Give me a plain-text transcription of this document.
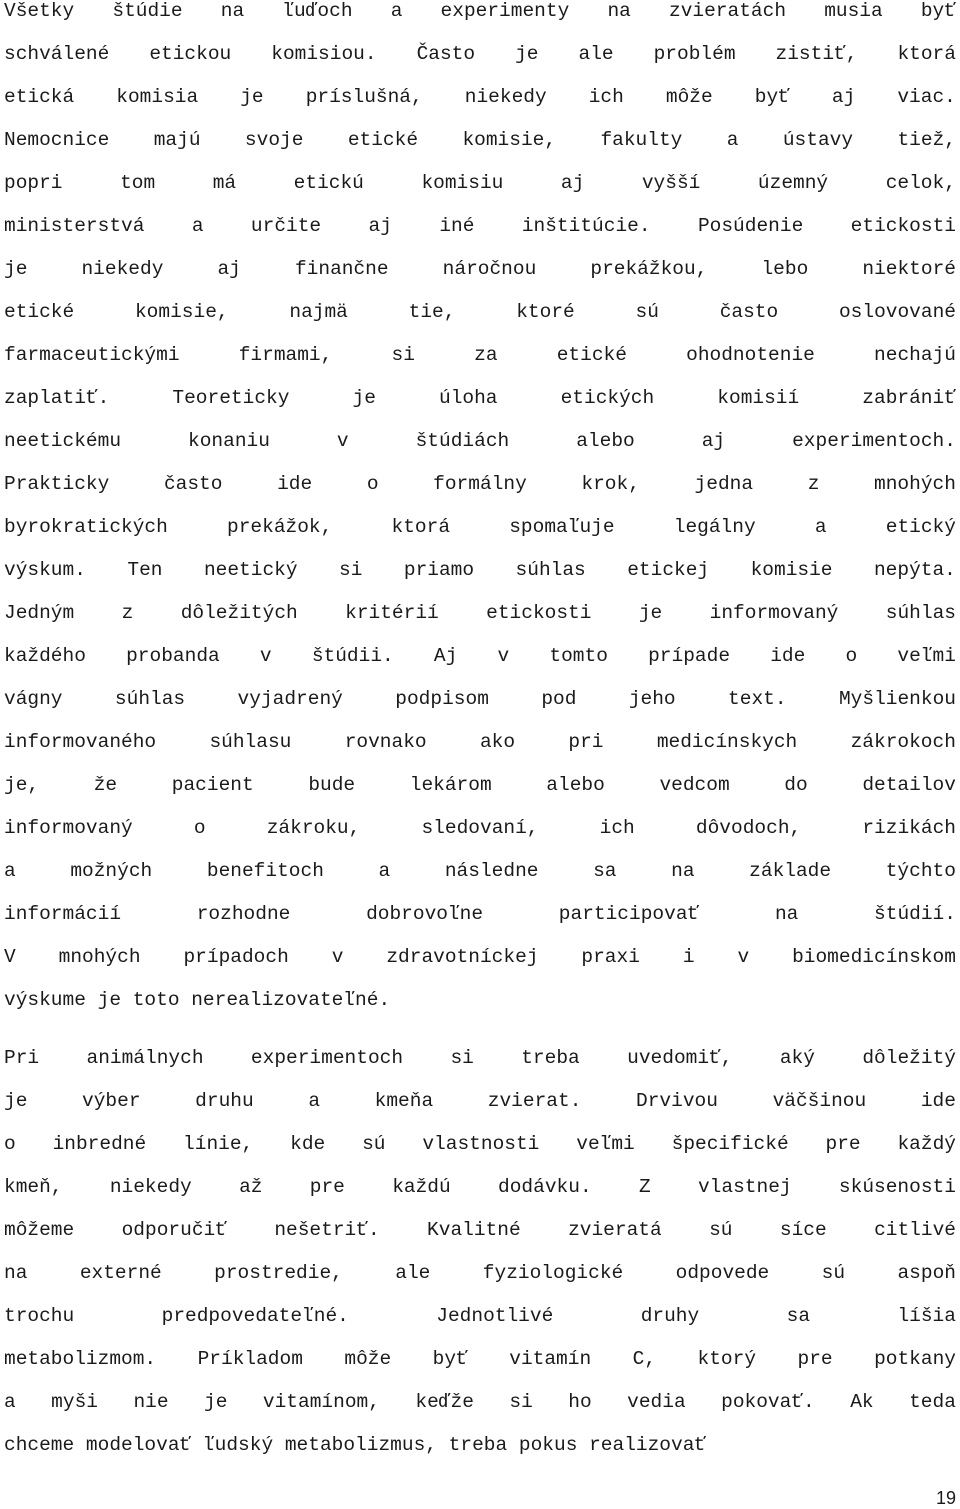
Všetky štúdie na ľuďoch a experimenty na zvieratách musia byť
schválené etickou komisiou. Často je ale problém zistiť, ktorá
etická komisia je príslušná, niekedy ich môže byť aj viac.
Nemocnice majú svoje etické komisie, fakulty a ústavy tiež,
popri	tom	má	etickú	komisiu	aj	vyšší	územný	celok,
ministerstvá a určite aj iné inštitúcie. Posúdenie etickosti
je	niekedy	aj	finančne	náročnou	prekážkou,	lebo	niektoré
etické	komisie,	najmä	tie,	ktoré	sú	často	oslovované
farmaceutickými	firmami,	si	za	etické	ohodnotenie	nechajú
zaplatiť.	Teoreticky	je	úloha	etických	komisií	zabrániť
neetickému	konaniu	v	štúdiách	alebo	aj	experimentoch.
Prakticky	často	ide	o	formálny	krok,	jedna	z	mnohých
byrokratických	prekážok,	ktorá	spomaľuje	legálny	a	etický
výskum. Ten neetický si priamo súhlas etickej komisie nepýta.
Jedným z dôležitých kritérií etickosti je informovaný súhlas
každého probanda v štúdii. Aj v tomto prípade ide o veľmi
vágny	súhlas	vyjadrený	podpisom	pod	jeho	text.	Myšlienkou
informovaného	súhlasu	rovnako	ako	pri	medicínskych	zákrokoch
je,	že	pacient	bude	lekárom	alebo	vedcom	do	detailov
informovaný	o	zákroku,	sledovaní,	ich	dôvodoch,	rizikách
a	možných	benefitoch	a	následne	sa	na	základe	týchto
informácií	rozhodne	dobrovoľne	participovať	na	štúdií.
V mnohých prípadoch v zdravotníckej praxi i v biomedicínskom
výskume je toto nerealizovateľné.
Pri animálnych experimentoch si treba uvedomiť, aký dôležitý
je	výber	druhu	a	kmeňa	zvierat.	Drvivou	väčšinou	ide
o inbredné línie, kde sú vlastnosti veľmi špecifické pre každý
kmeň, niekedy až pre každú dodávku. Z vlastnej skúsenosti
môžeme odporučiť nešetriť. Kvalitné zvieratá sú síce citlivé
na	externé	prostredie,	ale	fyziologické	odpovede	sú	aspoň
trochu	predpovedateľné.	Jednotlivé	druhy	sa	líšia
metabolizmom. Príkladom môže byť vitamín C, ktorý pre potkany
a myši nie je vitamínom, keďže si ho vedia pokovať. Ak teda
chceme modelovať ľudský metabolizmus, treba pokus realizovať
19
